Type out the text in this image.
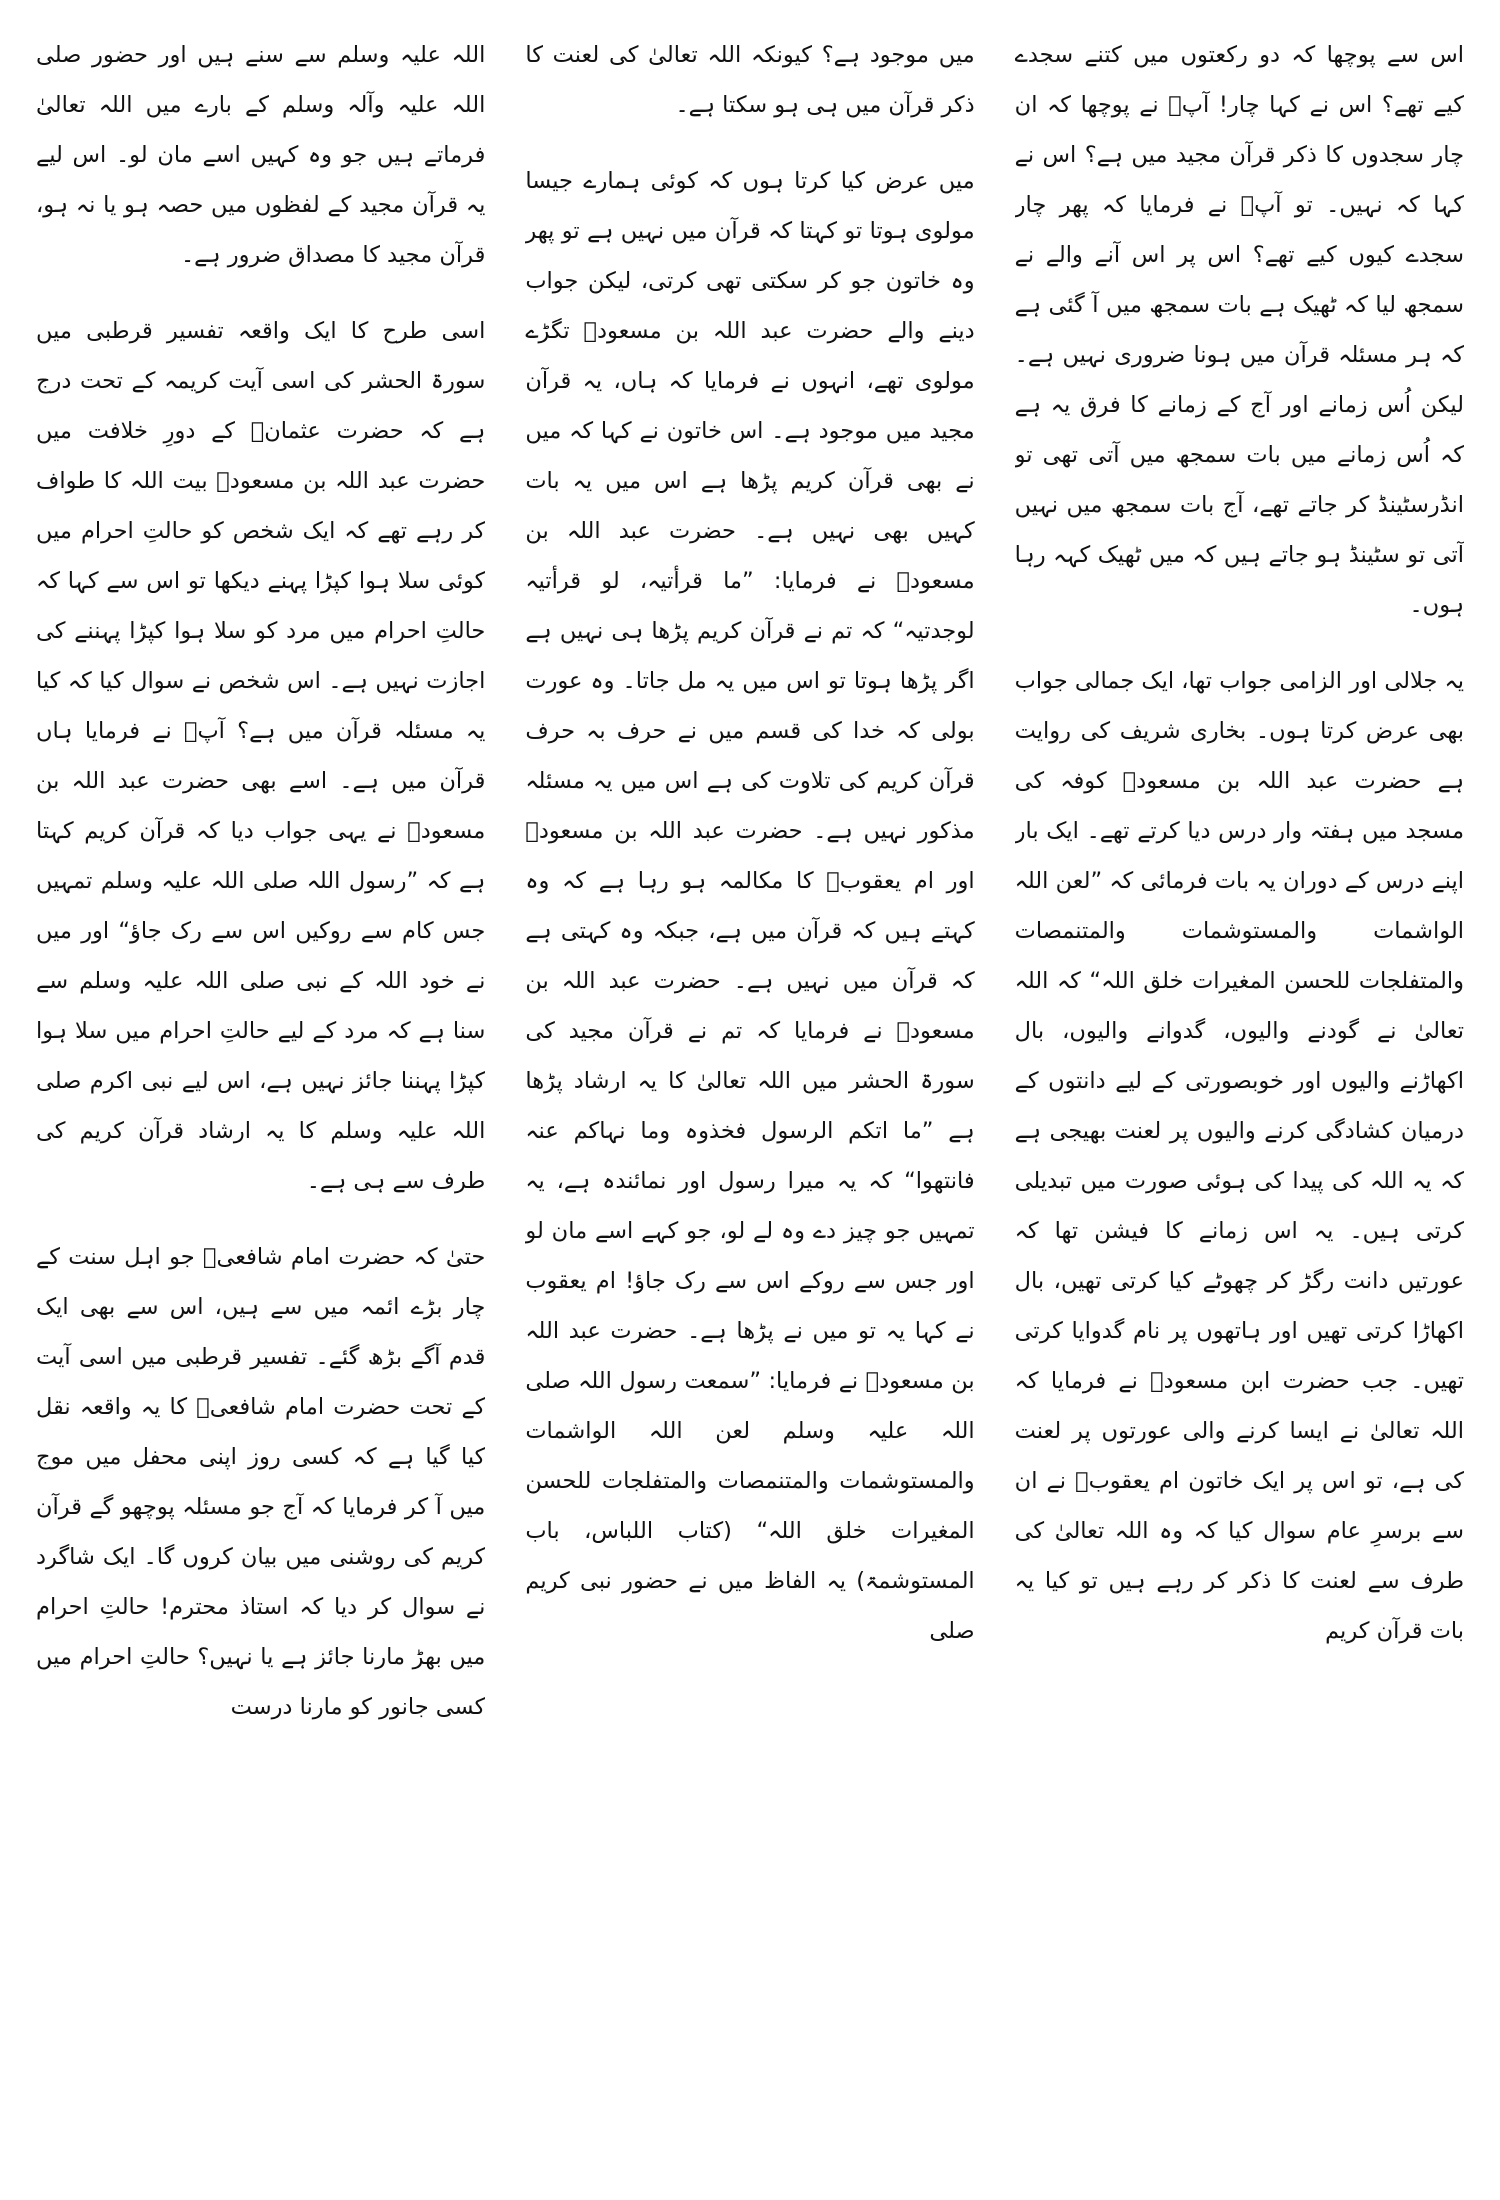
اس سے پوچھا کہ دو رکعتوں میں کتنے سجدے کیے تھے؟ اس نے کہا چار! آپؓ نے پوچھا کہ ان چار سجدوں کا ذکر قرآن مجید میں ہے؟ اس نے کہا کہ نہیں۔ تو آپؓ نے فرمایا کہ پھر چار سجدے کیوں کیے تھے؟ اس پر اس آنے والے نے سمجھ لیا کہ ٹھیک ہے بات سمجھ میں آ گئی ہے کہ ہر مسئلہ قرآن میں ہونا ضروری نہیں ہے۔ لیکن اُس زمانے اور آج کے زمانے کا فرق یہ ہے کہ اُس زمانے میں بات سمجھ میں آتی تھی تو انڈرسٹینڈ کر جاتے تھے، آج بات سمجھ میں نہیں آتی تو سٹینڈ ہو جاتے ہیں کہ میں ٹھیک کہہ رہا ہوں۔

یہ جلالی اور الزامی جواب تھا، ایک جمالی جواب بھی عرض کرتا ہوں۔ بخاری شریف کی روایت ہے حضرت عبد اللہ بن مسعودؓ کوفہ کی مسجد میں ہفتہ وار درس دیا کرتے تھے۔ ایک بار اپنے درس کے دوران یہ بات فرمائی کہ ”لعن اللہ الواشمات والمستوشمات والمتنمصات والمتفلجات للحسن المغیرات خلق اللہ“ کہ اللہ تعالیٰ نے گودنے والیوں، گدوانے والیوں، بال اکھاڑنے والیوں اور خوبصورتی کے لیے دانتوں کے درمیان کشادگی کرنے والیوں پر لعنت بھیجی ہے کہ یہ اللہ کی پیدا کی ہوئی صورت میں تبدیلی کرتی ہیں۔ یہ اس زمانے کا فیشن تھا کہ عورتیں دانت رگڑ کر چھوٹے کیا کرتی تھیں، بال اکھاڑا کرتی تھیں اور ہاتھوں پر نام گدوایا کرتی تھیں۔ جب حضرت ابن مسعودؓ نے فرمایا کہ اللہ تعالیٰ نے ایسا کرنے والی عورتوں پر لعنت کی ہے، تو اس پر ایک خاتون ام یعقوبؓ نے ان سے برسرِ عام سوال کیا کہ وہ اللہ تعالیٰ کی طرف سے لعنت کا ذکر کر رہے ہیں تو کیا یہ بات قرآن کریم

میں موجود ہے؟ کیونکہ اللہ تعالیٰ کی لعنت کا ذکر قرآن میں ہی ہو سکتا ہے۔

میں عرض کیا کرتا ہوں کہ کوئی ہمارے جیسا مولوی ہوتا تو کہتا کہ قرآن میں نہیں ہے تو پھر وہ خاتون جو کر سکتی تھی کرتی، لیکن جواب دینے والے حضرت عبد اللہ بن مسعودؓ تگڑے مولوی تھے، انہوں نے فرمایا کہ ہاں، یہ قرآن مجید میں موجود ہے۔ اس خاتون نے کہا کہ میں نے بھی قرآن کریم پڑھا ہے اس میں یہ بات کہیں بھی نہیں ہے۔ حضرت عبد اللہ بن مسعودؓ نے فرمایا: ”ما قرأتیہ، لو قرأتیہ لوجدتیہ“ کہ تم نے قرآن کریم پڑھا ہی نہیں ہے اگر پڑھا ہوتا تو اس میں یہ مل جاتا۔ وہ عورت بولی کہ خدا کی قسم میں نے حرف بہ حرف قرآن کریم کی تلاوت کی ہے اس میں یہ مسئلہ مذکور نہیں ہے۔ حضرت عبد اللہ بن مسعودؓ اور ام یعقوبؓ کا مکالمہ ہو رہا ہے کہ وہ کہتے ہیں کہ قرآن میں ہے، جبکہ وہ کہتی ہے کہ قرآن میں نہیں ہے۔ حضرت عبد اللہ بن مسعودؓ نے فرمایا کہ تم نے قرآن مجید کی سورۃ الحشر میں اللہ تعالیٰ کا یہ ارشاد پڑھا ہے ”ما اتکم الرسول فخذوہ وما نہاکم عنہ فانتھوا“ کہ یہ میرا رسول اور نمائندہ ہے، یہ تمہیں جو چیز دے وہ لے لو، جو کہے اسے مان لو اور جس سے روکے اس سے رک جاؤ! ام یعقوب نے کہا یہ تو میں نے پڑھا ہے۔ حضرت عبد اللہ بن مسعودؓ نے فرمایا: ”سمعت رسول اللہ صلی اللہ علیہ وسلم لعن اللہ الواشمات والمستوشمات والمتنمصات والمتفلجات للحسن المغیرات خلق اللہ“ (کتاب اللباس، باب المستوشمۃ) یہ الفاظ میں نے حضور نبی کریم صلی

اللہ علیہ وسلم سے سنے ہیں اور حضور صلی اللہ علیہ وآلہ وسلم کے بارے میں اللہ تعالیٰ فرماتے ہیں جو وہ کہیں اسے مان لو۔ اس لیے یہ قرآن مجید کے لفظوں میں حصہ ہو یا نہ ہو، قرآن مجید کا مصداق ضرور ہے۔

اسی طرح کا ایک واقعہ تفسیر قرطبی میں سورۃ الحشر کی اسی آیت کریمہ کے تحت درج ہے کہ حضرت عثمانؓ کے دورِ خلافت میں حضرت عبد اللہ بن مسعودؓ بیت اللہ کا طواف کر رہے تھے کہ ایک شخص کو حالتِ احرام میں کوئی سلا ہوا کپڑا پہنے دیکھا تو اس سے کہا کہ حالتِ احرام میں مرد کو سلا ہوا کپڑا پہننے کی اجازت نہیں ہے۔ اس شخص نے سوال کیا کہ کیا یہ مسئلہ قرآن میں ہے؟ آپؓ نے فرمایا ہاں قرآن میں ہے۔ اسے بھی حضرت عبد اللہ بن مسعودؓ نے یہی جواب دیا کہ قرآن کریم کہتا ہے کہ ”رسول اللہ صلی اللہ علیہ وسلم تمہیں جس کام سے روکیں اس سے رک جاؤ“ اور میں نے خود اللہ کے نبی صلی اللہ علیہ وسلم سے سنا ہے کہ مرد کے لیے حالتِ احرام میں سلا ہوا کپڑا پہننا جائز نہیں ہے، اس لیے نبی اکرم صلی اللہ علیہ وسلم کا یہ ارشاد قرآن کریم کی طرف سے ہی ہے۔

حتیٰ کہ حضرت امام شافعیؒ جو اہل سنت کے چار بڑے ائمہ میں سے ہیں، اس سے بھی ایک قدم آگے بڑھ گئے۔ تفسیر قرطبی میں اسی آیت کے تحت حضرت امام شافعیؒ کا یہ واقعہ نقل کیا گیا ہے کہ کسی روز اپنی محفل میں موج میں آ کر فرمایا کہ آج جو مسئلہ پوچھو گے قرآن کریم کی روشنی میں بیان کروں گا۔ ایک شاگرد نے سوال کر دیا کہ استاذ محترم! حالتِ احرام میں بھڑ مارنا جائز ہے یا نہیں؟ حالتِ احرام میں کسی جانور کو مارنا درست
